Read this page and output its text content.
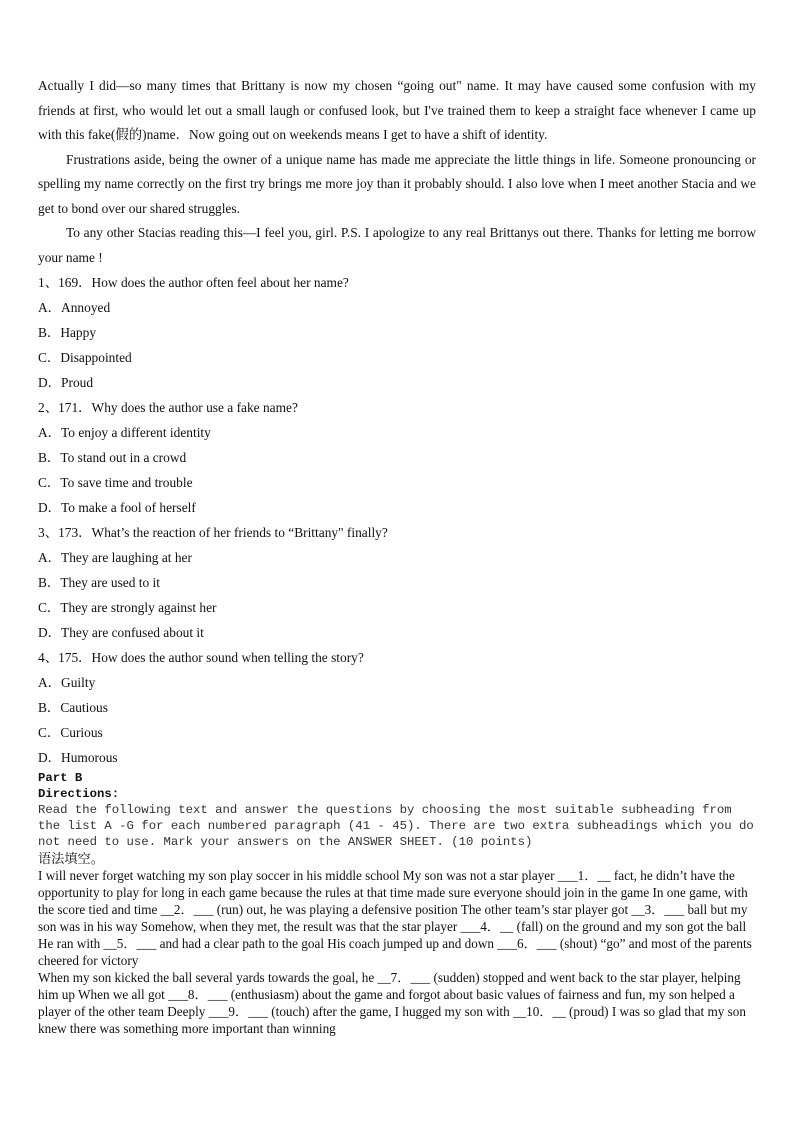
Actually I did—so many times that Brittany is now my chosen “going out" name. It may have caused some confusion with my friends at first, who would let out a small laugh or confused look, but I've trained them to keep a straight face whenever I came up with this fake(假的)name．Now going out on weekends means I get to have a shift of identity.

Frustrations aside, being the owner of a unique name has made me appreciate the little things in life. Someone pronouncing or spelling my name correctly on the first try brings me more joy than it probably should. I also love when I meet another Stacia and we get to bond over our shared struggles.

To any other Stacias reading this—I feel you, girl. P.S. I apologize to any real Brittanys out there. Thanks for letting me borrow your name !

1、169．How does the author often feel about her name?

A．Annoyed

B．Happy

C．Disappointed

D．Proud

2、171．Why does the author use a fake name?

A．To enjoy a different identity

B．To stand out in a crowd

C．To save time and trouble

D．To make a fool of herself

3、173．What’s the reaction of her friends to “Brittany" finally?

A．They are laughing at her

B．They are used to it

C．They are strongly against her

D．They are confused about it

4、175．How does the author sound when telling the story?

A．Guilty

B．Cautious

C．Curious

D．Humorous

Part B

Directions:

Read the following text and answer the questions by choosing the most suitable subheading from the list A -G for each numbered paragraph (41 - 45). There are two extra subheadings which you do not need to use. Mark your answers on the ANSWER SHEET. (10 points)

语法填空。

I will never forget watching my son play soccer in his middle school My son was not a star player ___1．__ fact, he didn’t have the opportunity to play for long in each game because the rules at that time made sure everyone should join in the game In one game, with the score tied and time __2．___ (run) out, he was playing a defensive position The other team’s star player got __3．___ ball but my son was in his way Somehow, when they met, the result was that the star player ___4．__ (fall) on the ground and my son got the ball He ran with __5．___ and had a clear path to the goal His coach jumped up and down ___6．___ (shout) “go” and most of the parents cheered for victory

When my son kicked the ball several yards towards the goal, he __7．___ (sudden) stopped and went back to the star player, helping him up When we all got ___8．___ (enthusiasm) about the game and forgot about basic values of fairness and fun, my son helped a player of the other team Deeply ___9．___ (touch) after the game, I hugged my son with __10．__ (proud) I was so glad that my son knew there was something more important than winning
